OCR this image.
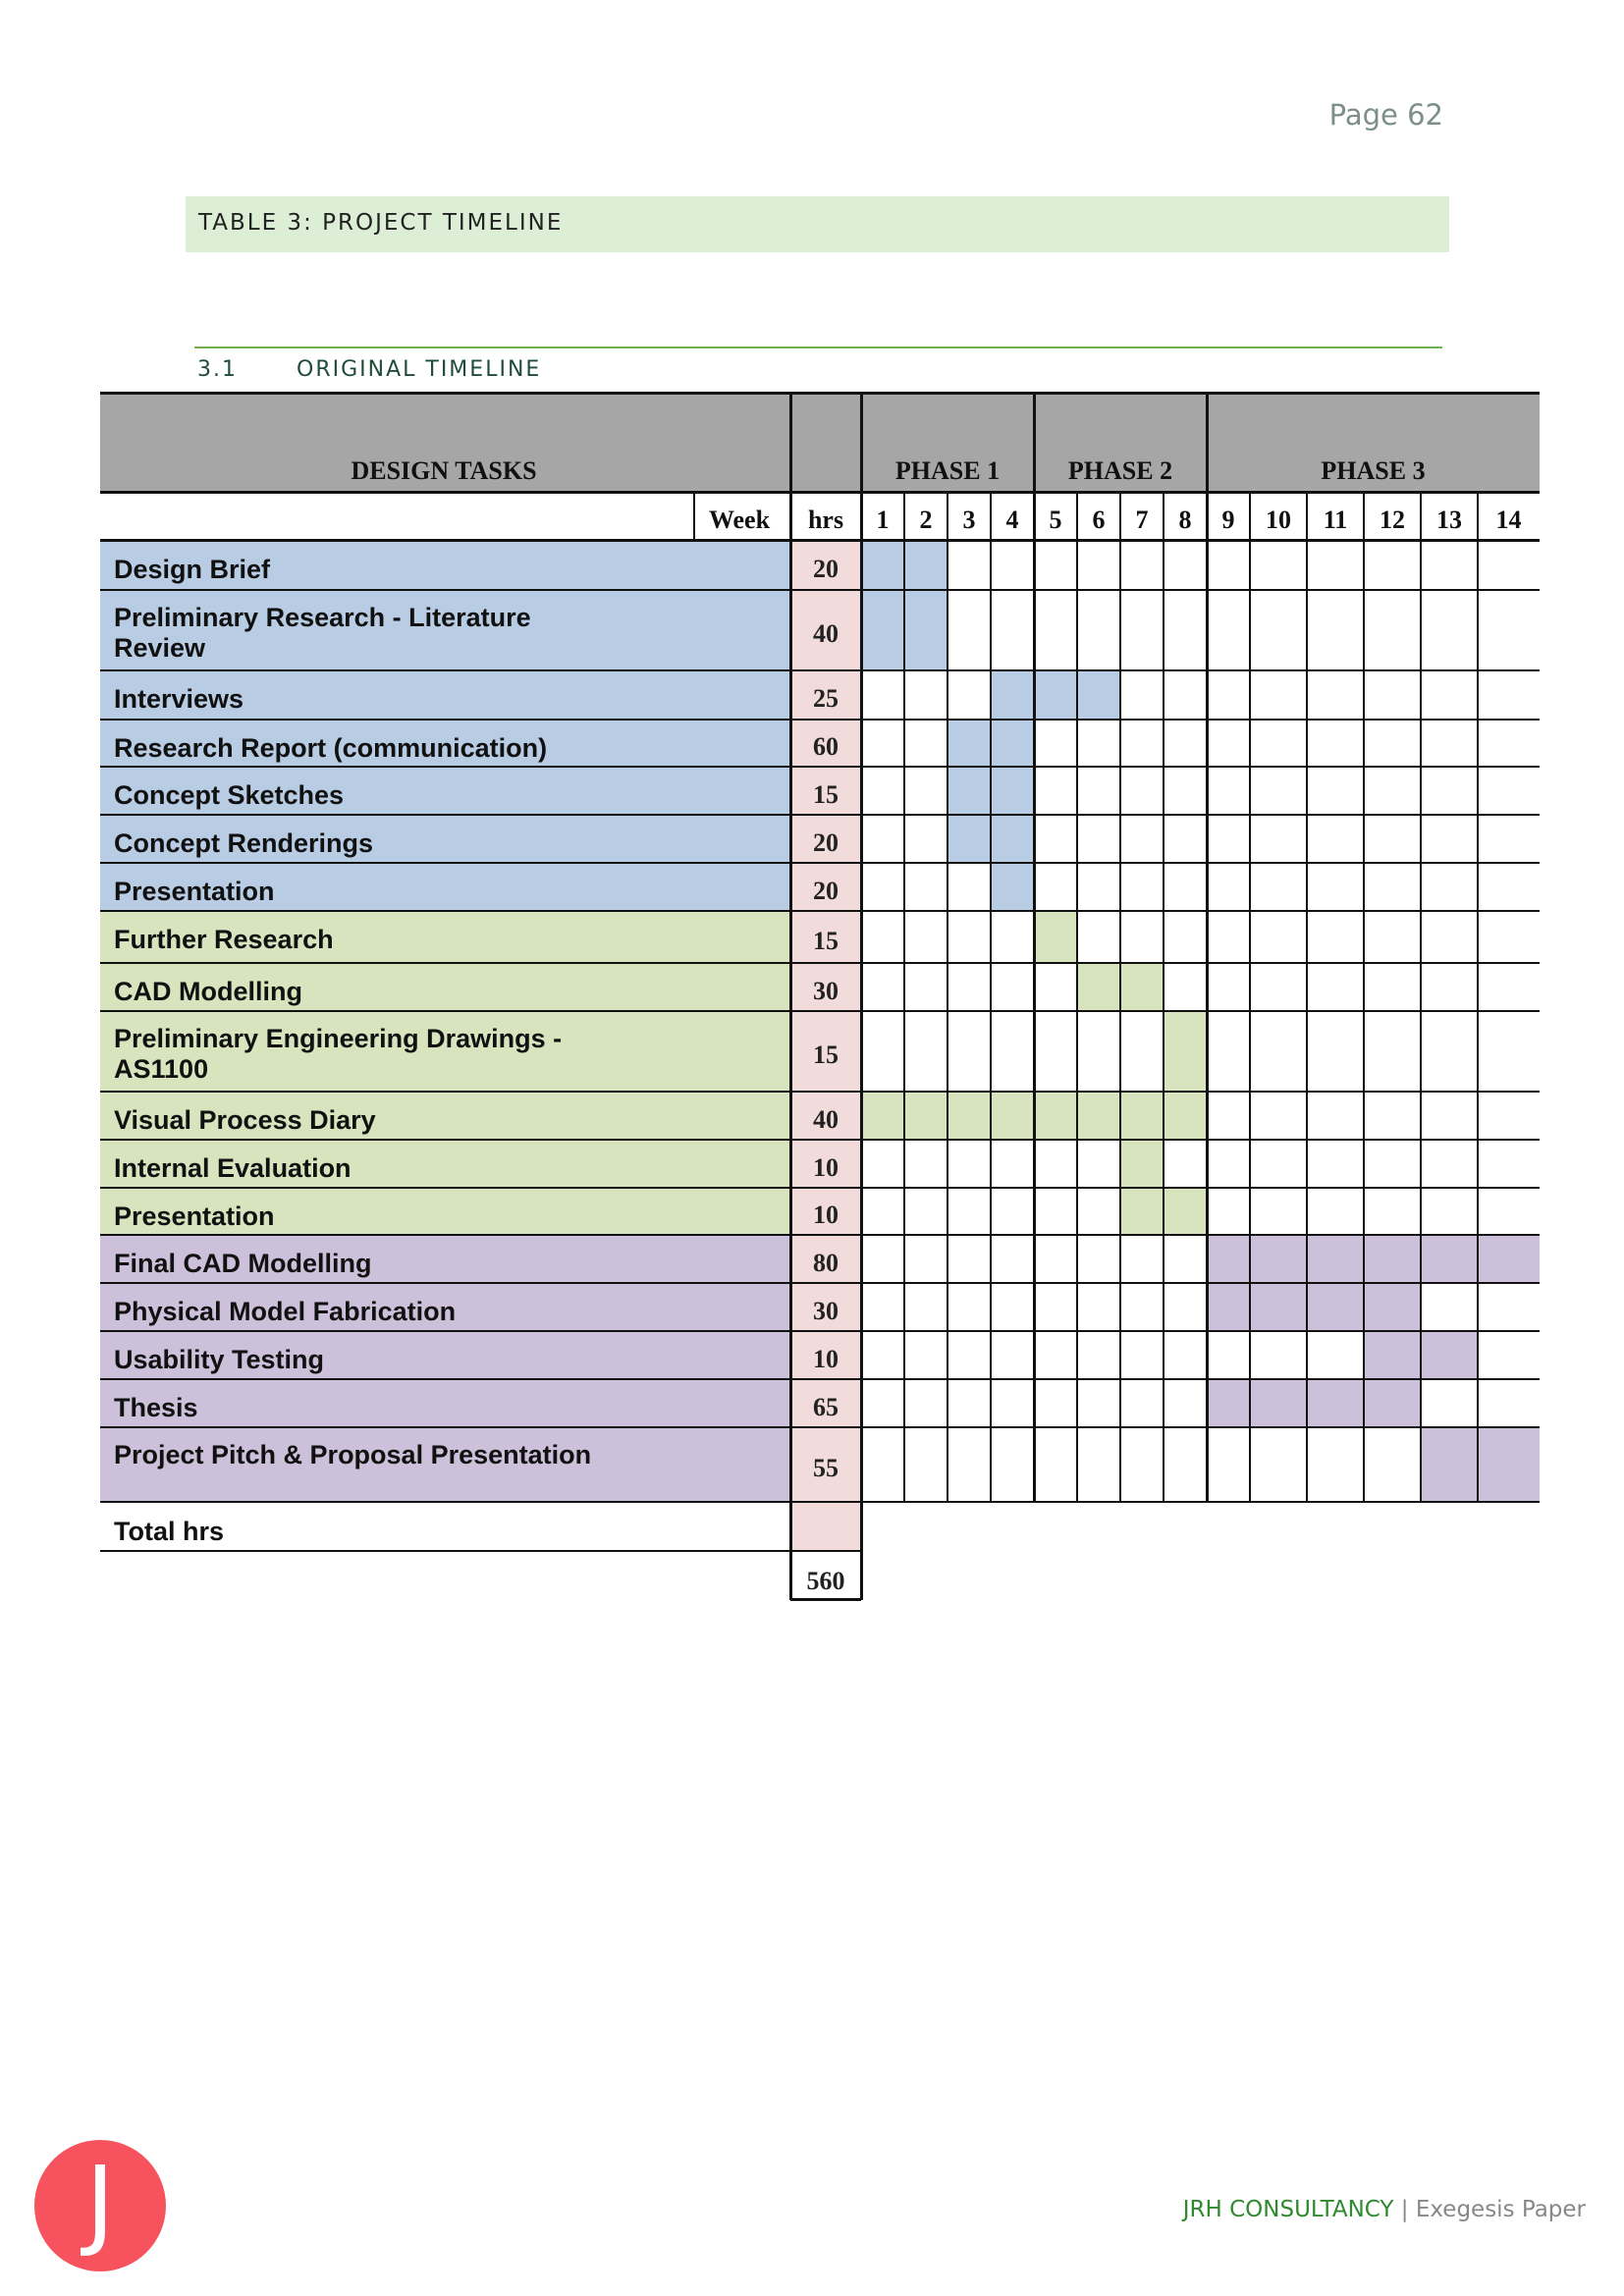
Page 62
TABLE 3: PROJECT TIMELINE
3.1	ORIGINAL TIMELINE
DESIGN TASKS	PHASE 1	PHASE 2	PHASE 3
Week	hrs	1	2	3	4	5	6	7	8	9	10	11	12	13	14
Design Brief	20
Preliminary Research - Literature Review	40
Interviews	25
Research Report (communication)	60
Concept Sketches	15
Concept Renderings	20
Presentation	20
Further Research	15
CAD Modelling	30
Preliminary Engineering Drawings - AS1100	15
Visual Process Diary	40
Internal Evaluation	10
Presentation	10
Final CAD Modelling	80
Physical Model Fabrication	30
Usability Testing	10
Thesis	65
Project Pitch & Proposal Presentation	55
Total hrs
560
J	JRH CONSULTANCY | Exegesis Paper
